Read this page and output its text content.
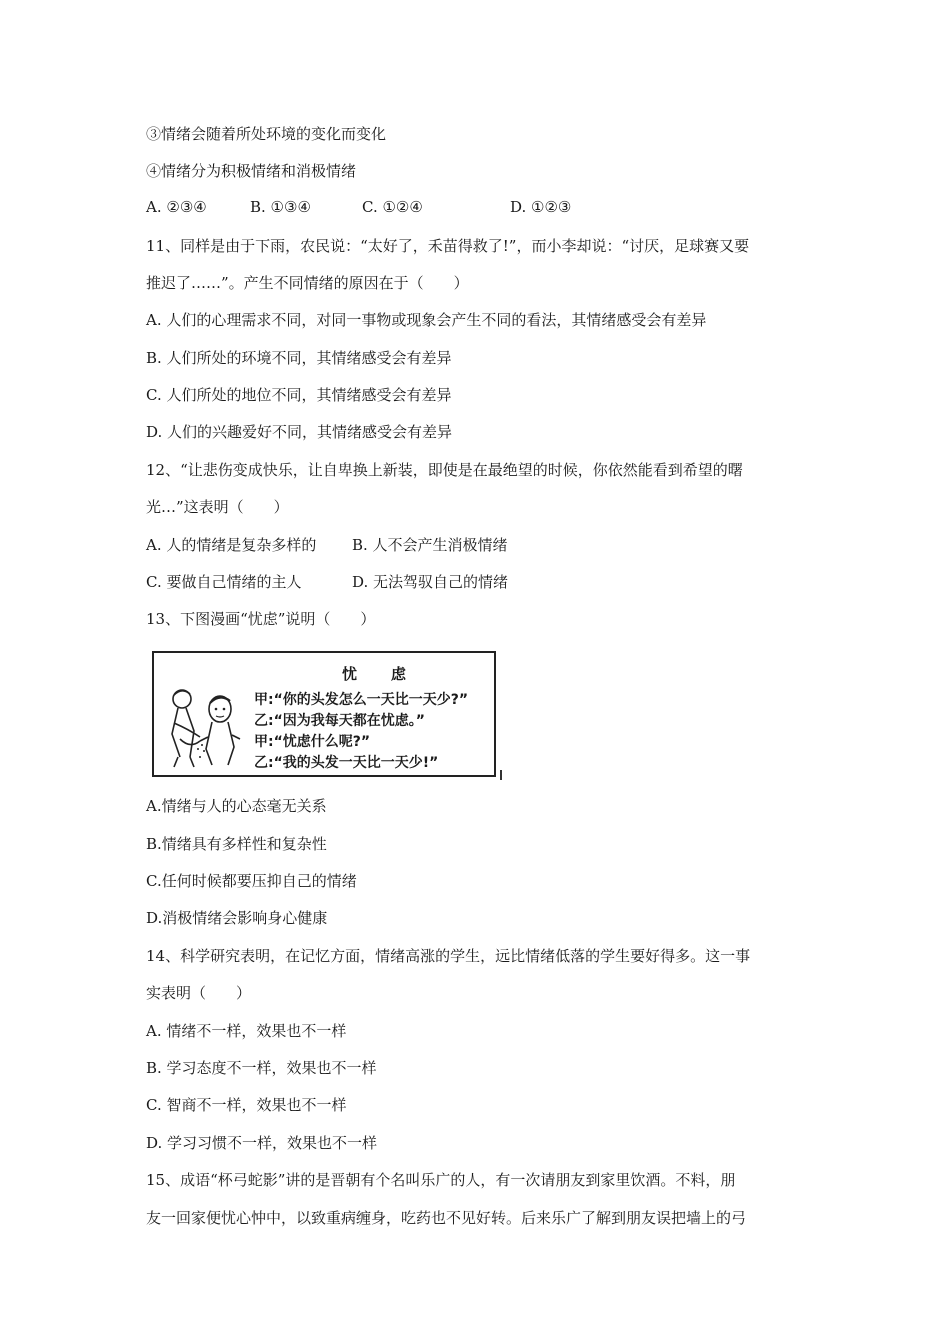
③情绪会随着所处环境的变化而变化
④情绪分为积极情绪和消极情绪
A. ②③④	B. ①③④	C. ①②④	D. ①②③
11、同样是由于下雨，农民说：“太好了，禾苗得救了!”，而小李却说：“讨厌，足球赛又要
推迟了……”。产生不同情绪的原因在于（　　）
A. 人们的心理需求不同，对同一事物或现象会产生不同的看法，其情绪感受会有差异
B. 人们所处的环境不同，其情绪感受会有差异
C. 人们所处的地位不同，其情绪感受会有差异
D. 人们的兴趣爱好不同，其情绪感受会有差异
12、“让悲伤变成快乐，让自卑换上新装，即使是在最绝望的时候，你依然能看到希望的曙
光…”这表明（　　）
A. 人的情绪是复杂多样的 B. 人不会产生消极情绪
C. 要做自己情绪的主人	D. 无法驾驭自己的情绪
13、下图漫画“忧虑”说明（　　）
忧 虑
甲:“你的头发怎么一天比一天少?”
乙:“因为我每天都在忧虑。”
甲:“忧虑什么呢?”
乙:“我的头发一天比一天少!”
A.情绪与人的心态毫无关系
B.情绪具有多样性和复杂性
C.任何时候都要压抑自己的情绪
D.消极情绪会影响身心健康
14、科学研究表明，在记忆方面，情绪高涨的学生，远比情绪低落的学生要好得多。这一事
实表明（　　）
A. 情绪不一样，效果也不一样
B. 学习态度不一样，效果也不一样
C. 智商不一样，效果也不一样
D. 学习习惯不一样，效果也不一样
15、成语“杯弓蛇影”讲的是晋朝有个名叫乐广的人，有一次请朋友到家里饮酒。不料，朋
友一回家便忧心忡中，以致重病缠身，吃药也不见好转。后来乐广了解到朋友误把墙上的弓
